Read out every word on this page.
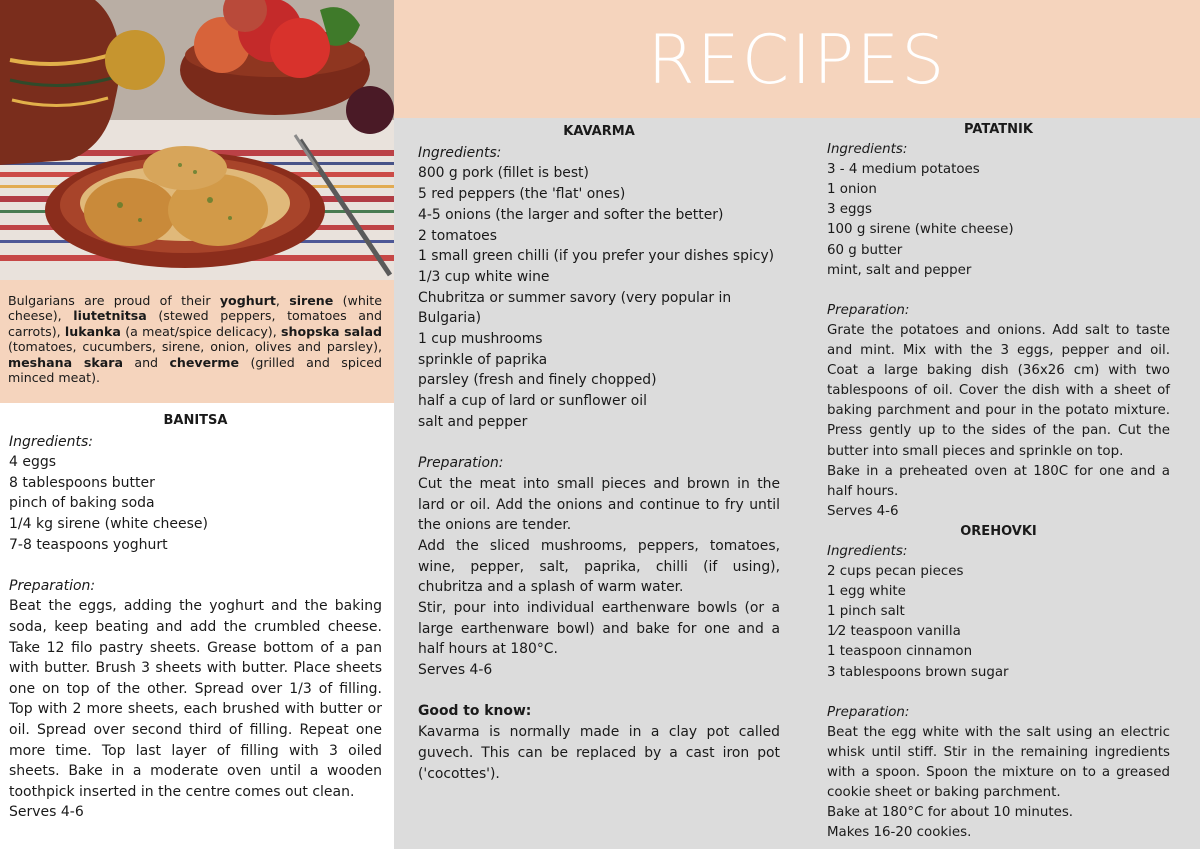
Bulgarians are proud of their yoghurt, sirene (white cheese), liutetnitsa (stewed peppers, tomatoes and carrots), lukanka (a meat/spice delicacy), shopska salad (tomatoes, cucumbers, sirene, onion, olives and parsley), meshana skara and cheverme (grilled and spiced minced meat).

BANITSA

Ingredients:

4 eggs

8 tablespoons butter

pinch of baking soda

1/4 kg sirene (white cheese)

7-8 teaspoons yoghurt

Preparation:

Beat the eggs, adding the yoghurt and the baking soda, keep beating and add the crumbled cheese. Take 12 filo pastry sheets. Grease bottom of a pan with butter. Brush 3 sheets with butter. Place sheets one on top of the other. Spread over 1/3 of filling. Top with 2 more sheets, each brushed with butter or oil. Spread over second third of filling. Repeat one more time. Top last layer of filling with 3 oiled sheets. Bake in a moderate oven until a wooden toothpick inserted in the centre comes out clean.

Serves 4-6

RECIPES

KAVARMA

Ingredients:

800 g pork (fillet is best)

5 red peppers (the 'flat' ones)

4-5 onions (the larger and softer the better)

2 tomatoes

1 small green chilli (if you prefer your dishes spicy)

1/3 cup white wine

Chubritza or summer savory (very popular in Bulgaria)

1 cup mushrooms

sprinkle of paprika

parsley (fresh and finely chopped)

half a cup of lard or sunflower oil

salt and pepper

Preparation:

Cut the meat into small pieces and brown in the lard or oil. Add the onions and continue to fry until the onions are tender.

Add the sliced mushrooms, peppers, tomatoes, wine, pepper, salt, paprika, chilli (if using), chubritza and a splash of warm water.

Stir, pour into individual earthenware bowls (or a large earthenware bowl) and bake for one and a half hours at 180°C.

Serves 4-6

Good to know:

Kavarma is normally made in a clay pot called guvech. This can be replaced by a cast iron pot ('cocottes').

PATATNIK

Ingredients:

3 - 4 medium potatoes

1 onion

3 eggs

100 g sirene (white cheese)

60 g butter

mint, salt and pepper

Preparation:

Grate the potatoes and onions. Add salt to taste and mint. Mix with the 3 eggs, pepper and oil. Coat a large baking dish (36x26 cm) with two tablespoons of oil. Cover the dish with a sheet of baking parchment and pour in the potato mixture. Press gently up to the sides of the pan. Cut the butter into small pieces and sprinkle on top.

Bake in a preheated oven at 180C for one and a half hours.

Serves 4-6

OREHOVKI

Ingredients:

2 cups pecan pieces

1 egg white

1 pinch salt

1⁄2 teaspoon vanilla

1 teaspoon cinnamon

3 tablespoons brown sugar

Preparation:

Beat the egg white with the salt using an electric whisk until stiff. Stir in the remaining ingredients with a spoon. Spoon the mixture on to a greased cookie sheet or baking parchment.

Bake at 180°C for about 10 minutes.

Makes 16-20 cookies.
